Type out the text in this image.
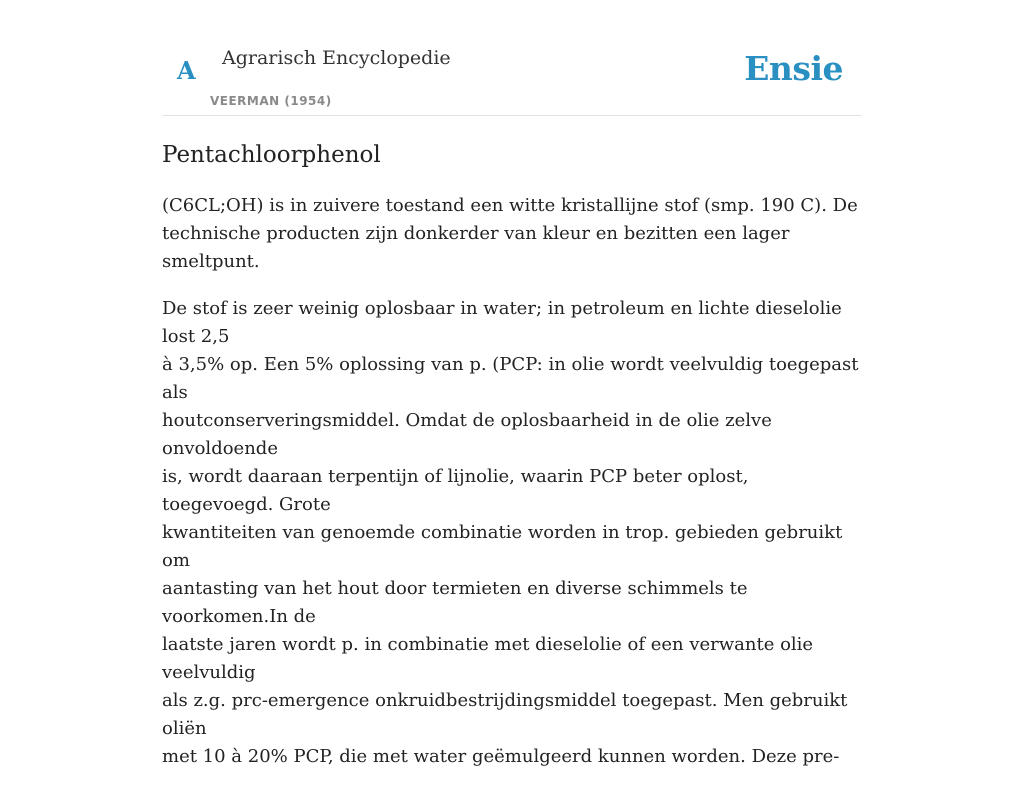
A Agrarisch Encyclopedie
VEERMAN (1954)
Ensie
Pentachloorphenol

(C6CL;OH) is in zuivere toestand een witte kristallijne stof (smp. 190 C). De
technische producten zijn donkerder van kleur en bezitten een lager smeltpunt.

De stof is zeer weinig oplosbaar in water; in petroleum en lichte dieselolie lost 2,5
à 3,5% op. Een 5% oplossing van p. (PCP: in olie wordt veelvuldig toegepast als
houtconserveringsmiddel. Omdat de oplosbaarheid in de olie zelve onvoldoende
is, wordt daaraan terpentijn of lijnolie, waarin PCP beter oplost, toegevoegd. Grote
kwantiteiten van genoemde combinatie worden in trop. gebieden gebruikt om
aantasting van het hout door termieten en diverse schimmels te voorkomen.In de
laatste jaren wordt p. in combinatie met dieselolie of een verwante olie veelvuldig
als z.g. prc-emergence onkruidbestrijdingsmiddel toegepast. Men gebruikt oliën
met 10 à 20% PCP, die met water geëmulgeerd kunnen worden. Deze pre-
